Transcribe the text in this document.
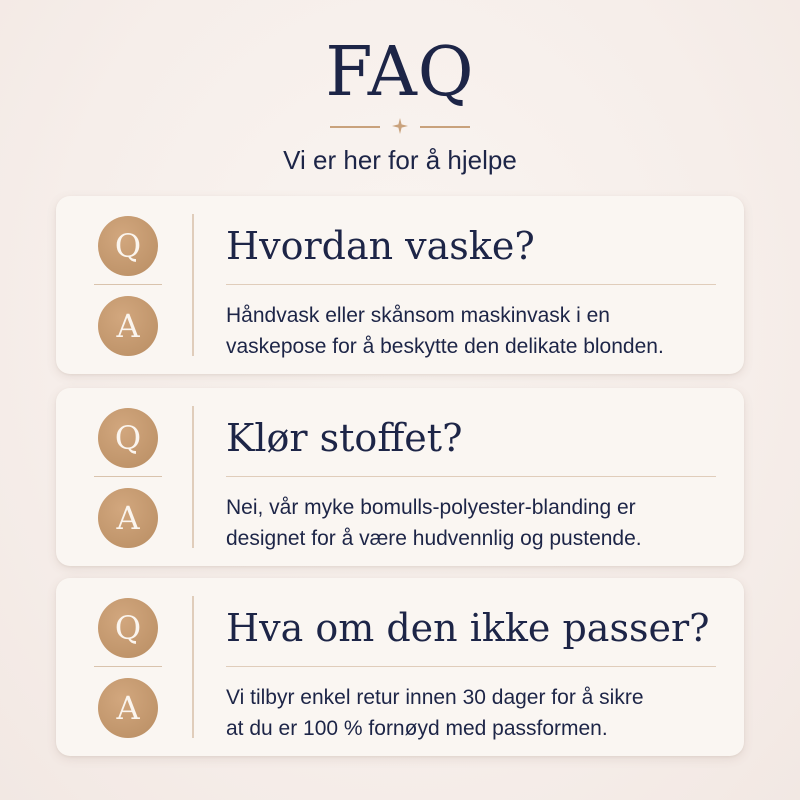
FAQ
Vi er her for å hjelpe
Q
A
Hvordan vaske?
Håndvask eller skånsom maskinvask i en
vaskepose for å beskytte den delikate blonden.
Q
A
Klør stoffet?
Nei, vår myke bomulls-polyester-blanding er
designet for å være hudvennlig og pustende.
Q
A
Hva om den ikke passer?
Vi tilbyr enkel retur innen 30 dager for å sikre
at du er 100 % fornøyd med passformen.
